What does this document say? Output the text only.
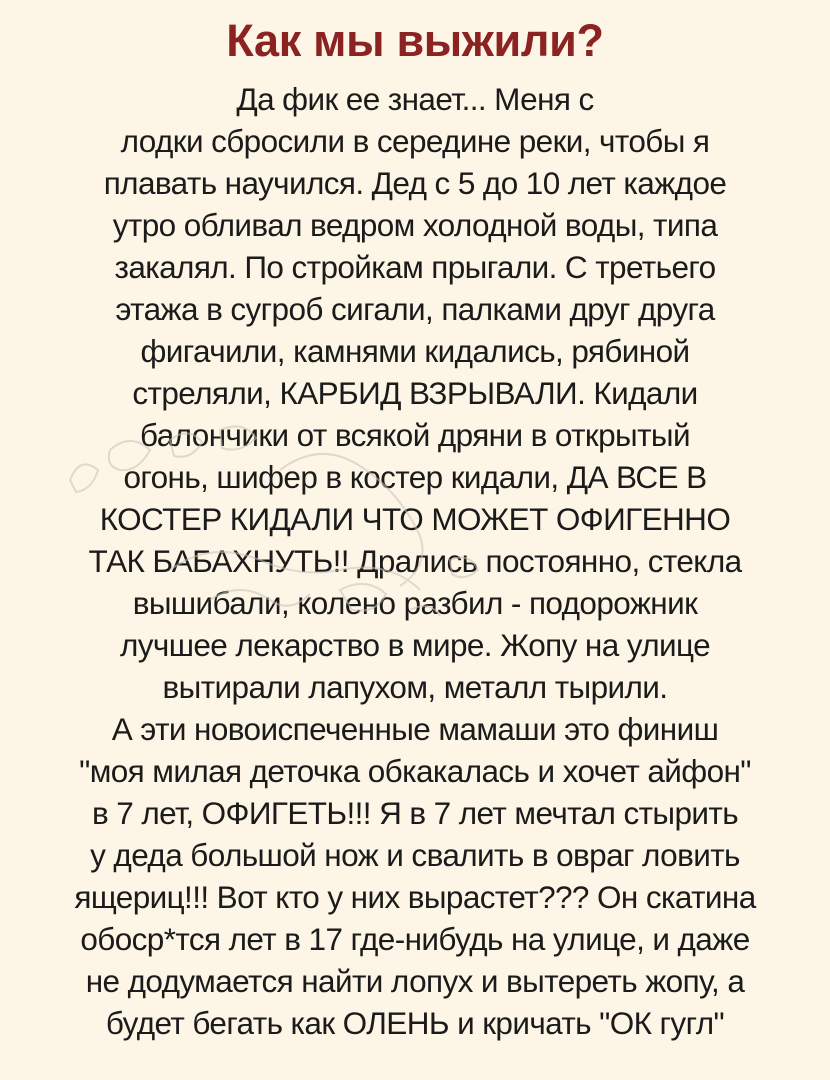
Как мы выжили?
Да фик ее знает... Меня с
лодки сбросили в середине реки, чтобы я
плавать научился. Дед с 5 до 10 лет каждое
утро обливал ведром холодной воды, типа
закалял. По стройкам прыгали. С третьего
этажа в сугроб сигали, палками друг друга
фигачили, камнями кидались, рябиной
стреляли, КАРБИД ВЗРЫВАЛИ. Кидали
балончики от всякой дряни в открытый
огонь, шифер в костер кидали, ДА ВСЕ В
КОСТЕР КИДАЛИ ЧТО МОЖЕТ ОФИГЕННО
ТАК БАБАХНУТЬ!! Дрались постоянно, стекла
вышибали, колено разбил - подорожник
лучшее лекарство в мире. Жопу на улице
вытирали лапухом, металл тырили.
А эти новоиспеченные мамаши это финиш
"моя милая деточка обкакалась и хочет айфон"
в 7 лет, ОФИГЕТЬ!!! Я в 7 лет мечтал стырить
у деда большой нож и свалить в овраг ловить
ящериц!!! Вот кто у них вырастет??? Он скатина
обоср*тся лет в 17 где-нибудь на улице, и даже
не додумается найти лопух и вытереть жопу, а
будет бегать как ОЛЕНЬ и кричать "ОК гугл"
